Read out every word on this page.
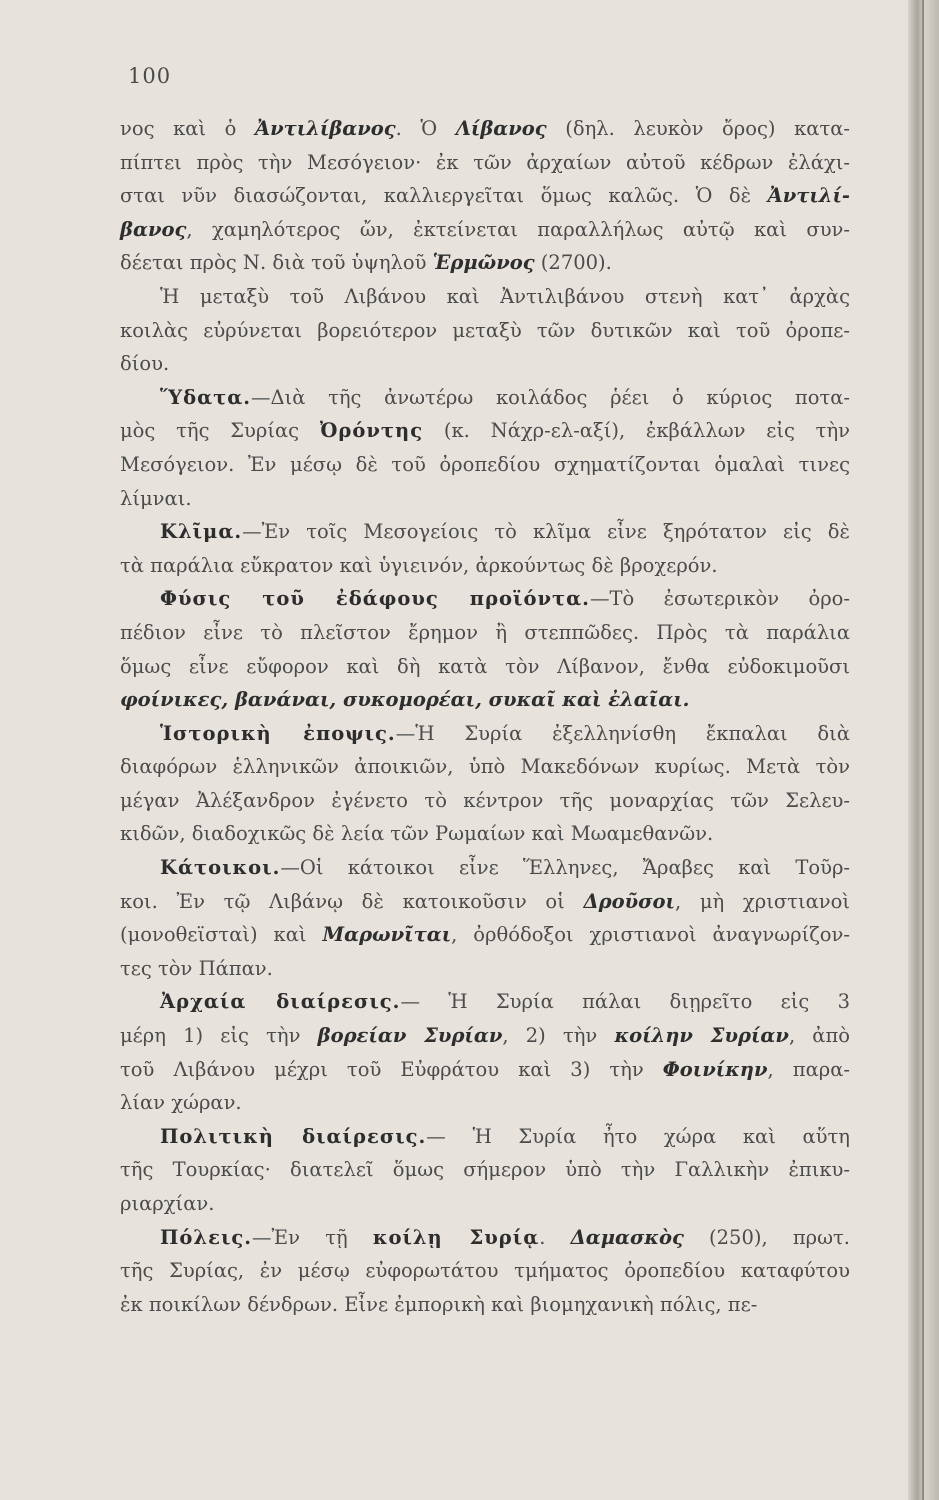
100
νος καὶ ὁ Ἀντιλίβανος. Ὁ Λίβανος (δηλ. λευκὸν ὄρος) κατα-
πίπτει πρὸς τὴν Μεσόγειον· ἐκ τῶν ἀρχαίων αὐτοῦ κέδρων ἐλάχι-
σται νῦν διασώζονται, καλλιεργεῖται ὅμως καλῶς. Ὁ δὲ Ἀντιλί-
βανος, χαμηλότερος ὤν, ἐκτείνεται παραλλήλως αὐτῷ καὶ συν-
δέεται πρὸς Ν. διὰ τοῦ ὑψηλοῦ Ἑρμῶνος (2700).
Ἡ μεταξὺ τοῦ Λιβάνου καὶ Ἀντιλιβάνου στενὴ κατ᾽ ἀρχὰς
κοιλὰς εὐρύνεται βορειότερον μεταξὺ τῶν δυτικῶν καὶ τοῦ ὀροπε-
δίου.
Ὕδατα.—Διὰ τῆς ἀνωτέρω κοιλάδος ῥέει ὁ κύριος ποτα-
μὸς τῆς Συρίας Ὀρόντης (κ. Νάχρ-ελ-αξί), ἐκβάλλων εἰς τὴν
Μεσόγειον. Ἐν μέσῳ δὲ τοῦ ὀροπεδίου σχηματίζονται ὁμαλαὶ τινες
λίμναι.
Κλῖμα.—Ἐν τοῖς Μεσογείοις τὸ κλῖμα εἶνε ξηρότατον εἰς δὲ
τὰ παράλια εὔκρατον καὶ ὑγιεινόν, ἀρκούντως δὲ βροχερόν.
Φύσις τοῦ ἐδάφους προϊόντα.—Τὸ ἐσωτερικὸν ὀρο-
πέδιον εἶνε τὸ πλεῖστον ἔρημον ἢ στεππῶδες. Πρὸς τὰ παράλια
ὅμως εἶνε εὔφορον καὶ δὴ κατὰ τὸν Λίβανον, ἔνθα εὐδοκιμοῦσι
φοίνικες, βανάναι, συκομορέαι, συκαῖ καὶ ἐλαῖαι.
Ἱστορικὴ ἐποψις.—Ἡ Συρία ἐξελληνίσθη ἔκπαλαι διὰ
διαφόρων ἑλληνικῶν ἀποικιῶν, ὑπὸ Μακεδόνων κυρίως. Μετὰ τὸν
μέγαν Ἀλέξανδρον ἐγένετο τὸ κέντρον τῆς μοναρχίας τῶν Σελευ-
κιδῶν, διαδοχικῶς δὲ λεία τῶν Ρωμαίων καὶ Μωαμεθανῶν.
Κάτοικοι.—Οἱ κάτοικοι εἶνε Ἕλληνες, Ἄραβες καὶ Τοῦρ-
κοι. Ἐν τῷ Λιβάνῳ δὲ κατοικοῦσιν οἱ Δροῦσοι, μὴ χριστιανοὶ
(μονοθεϊσταὶ) καὶ Μαρωνῖται, ὀρθόδοξοι χριστιανοὶ ἀναγνωρίζον-
τες τὸν Πάπαν.
Ἀρχαία διαίρεσις.— Ἡ Συρία πάλαι διῃρεῖτο εἰς 3
μέρη 1) εἰς τὴν βορείαν Συρίαν, 2) τὴν κοίλην Συρίαν, ἀπὸ
τοῦ Λιβάνου μέχρι τοῦ Εὐφράτου καὶ 3) τὴν Φοινίκην, παρα-
λίαν χώραν.
Πολιτικὴ διαίρεσις.— Ἡ Συρία ἦτο χώρα καὶ αὕτη
τῆς Τουρκίας· διατελεῖ ὅμως σήμερον ὑπὸ τὴν Γαλλικὴν ἐπικυ-
ριαρχίαν.
Πόλεις.—Ἐν τῇ κοίλῃ Συρίᾳ. Δαμασκὸς (250), πρωτ.
τῆς Συρίας, ἐν μέσῳ εὐφορωτάτου τμήματος ὀροπεδίου καταφύτου
ἐκ ποικίλων δένδρων. Εἶνε ἐμπορικὴ καὶ βιομηχανικὴ πόλις, πε-
